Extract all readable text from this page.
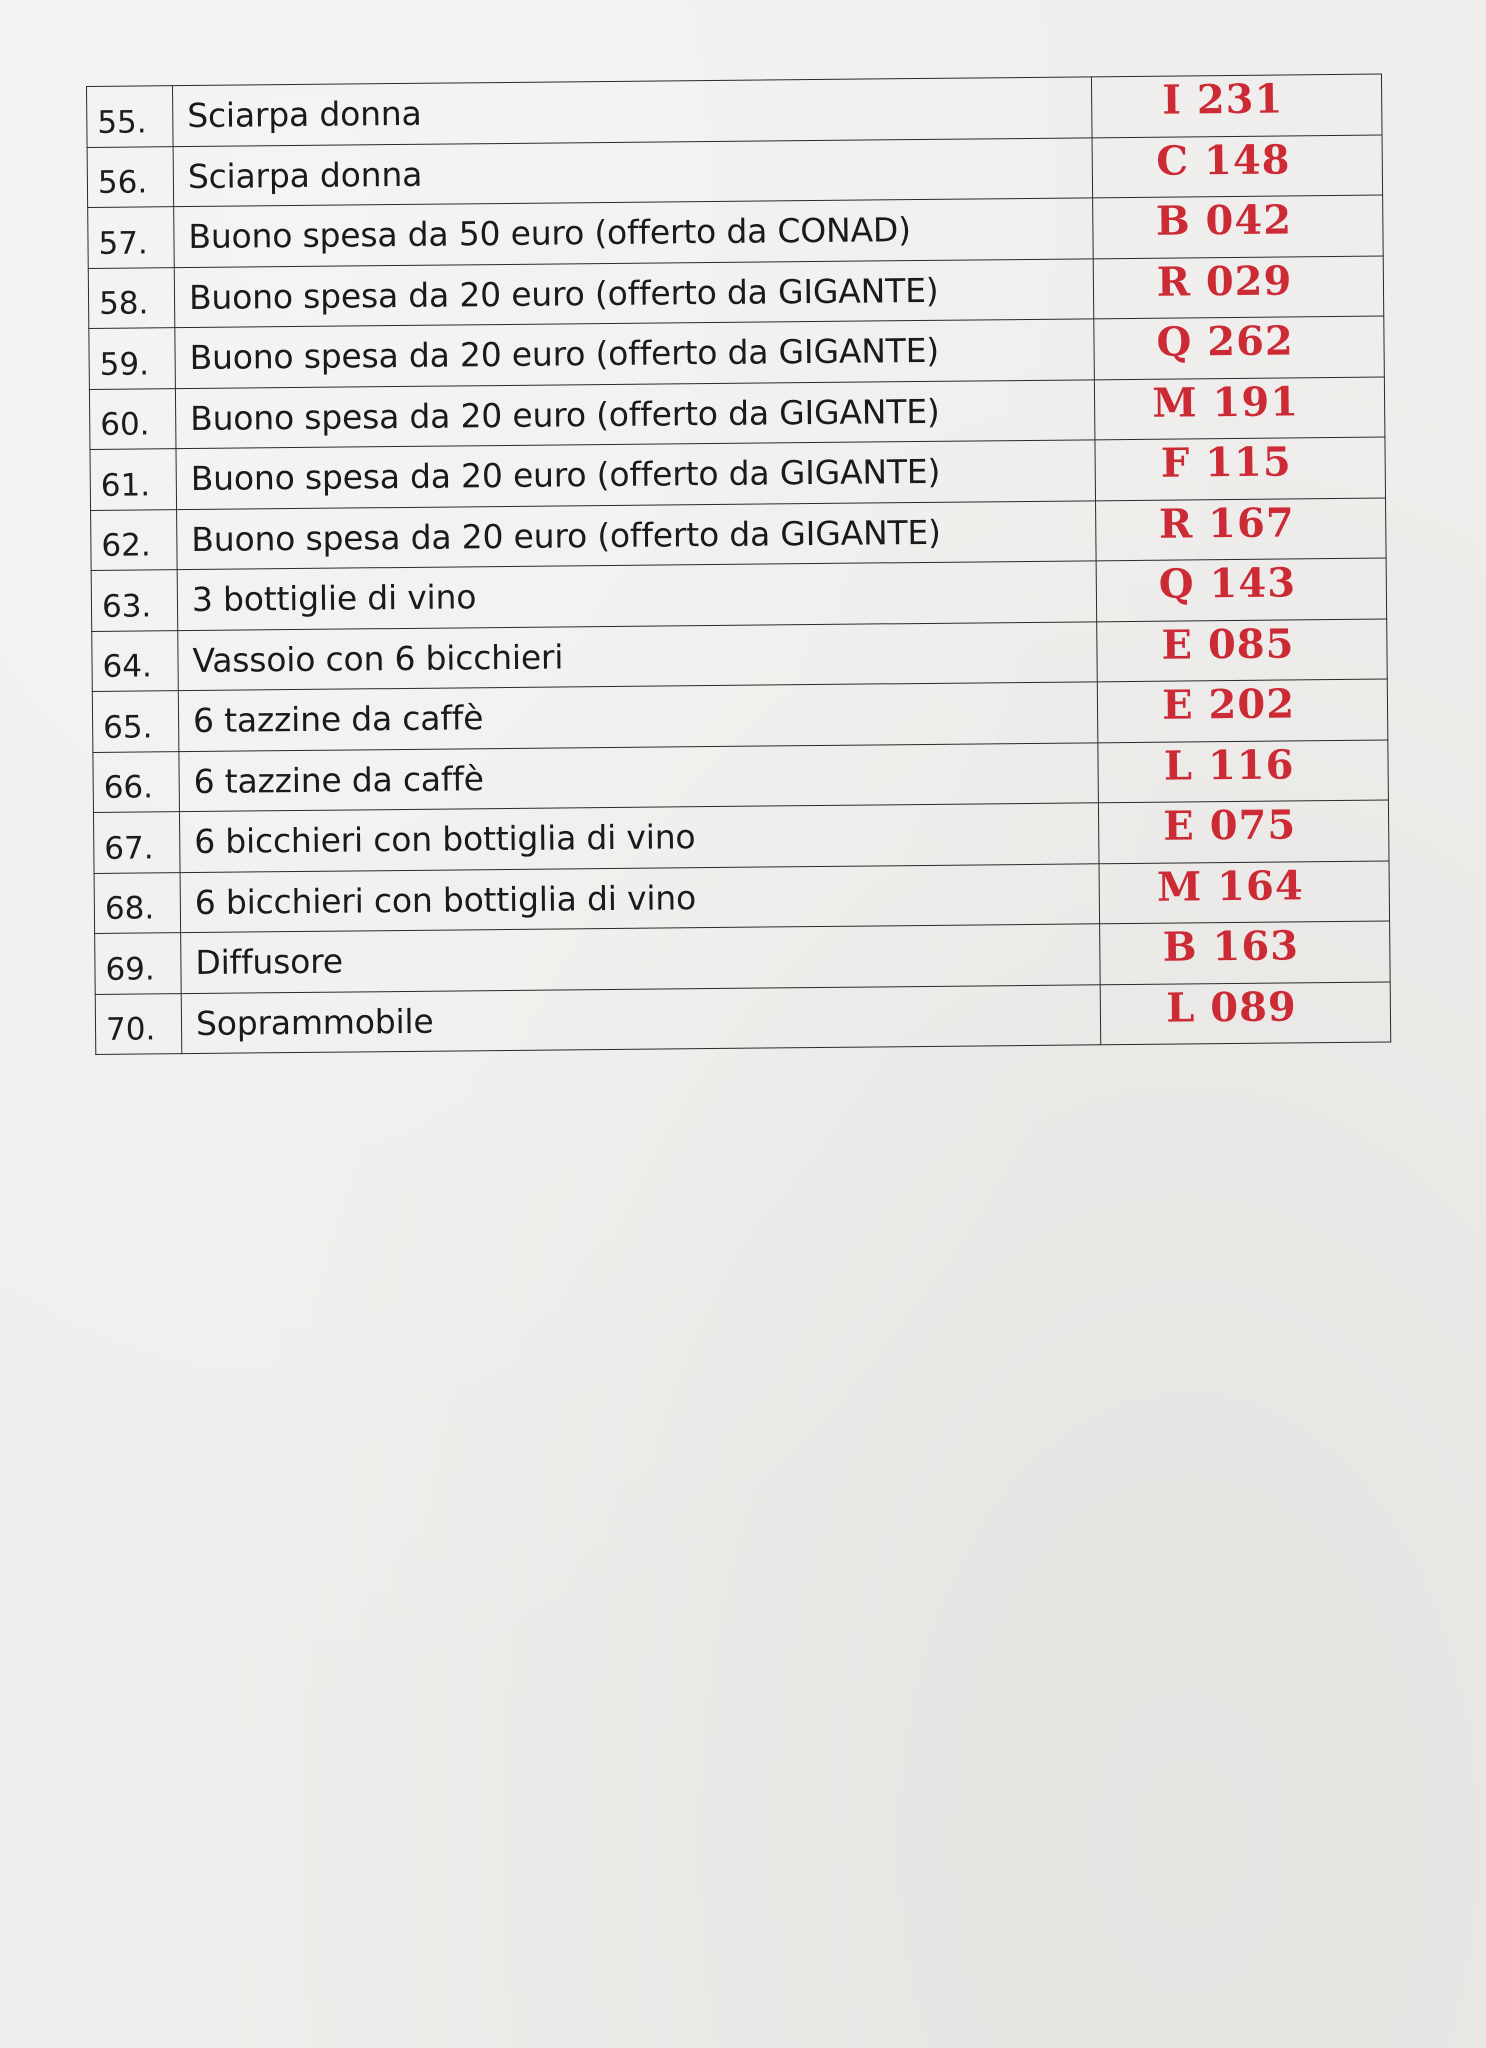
55.	Sciarpa donna	I 231
56.	Sciarpa donna	C 148
57.	Buono spesa da 50 euro (offerto da CONAD)	B 042
58.	Buono spesa da 20 euro (offerto da GIGANTE)	R 029
59.	Buono spesa da 20 euro (offerto da GIGANTE)	Q 262
60.	Buono spesa da 20 euro (offerto da GIGANTE)	M 191
61.	Buono spesa da 20 euro (offerto da GIGANTE)	F 115
62.	Buono spesa da 20 euro (offerto da GIGANTE)	R 167
63.	3 bottiglie di vino	Q 143
64.	Vassoio con 6 bicchieri	E 085
65.	6 tazzine da caffè	E 202
66.	6 tazzine da caffè	L 116
67.	6 bicchieri con bottiglia di vino	E 075
68.	6 bicchieri con bottiglia di vino	M 164
69.	Diffusore	B 163
70.	Soprammobile	L 089
